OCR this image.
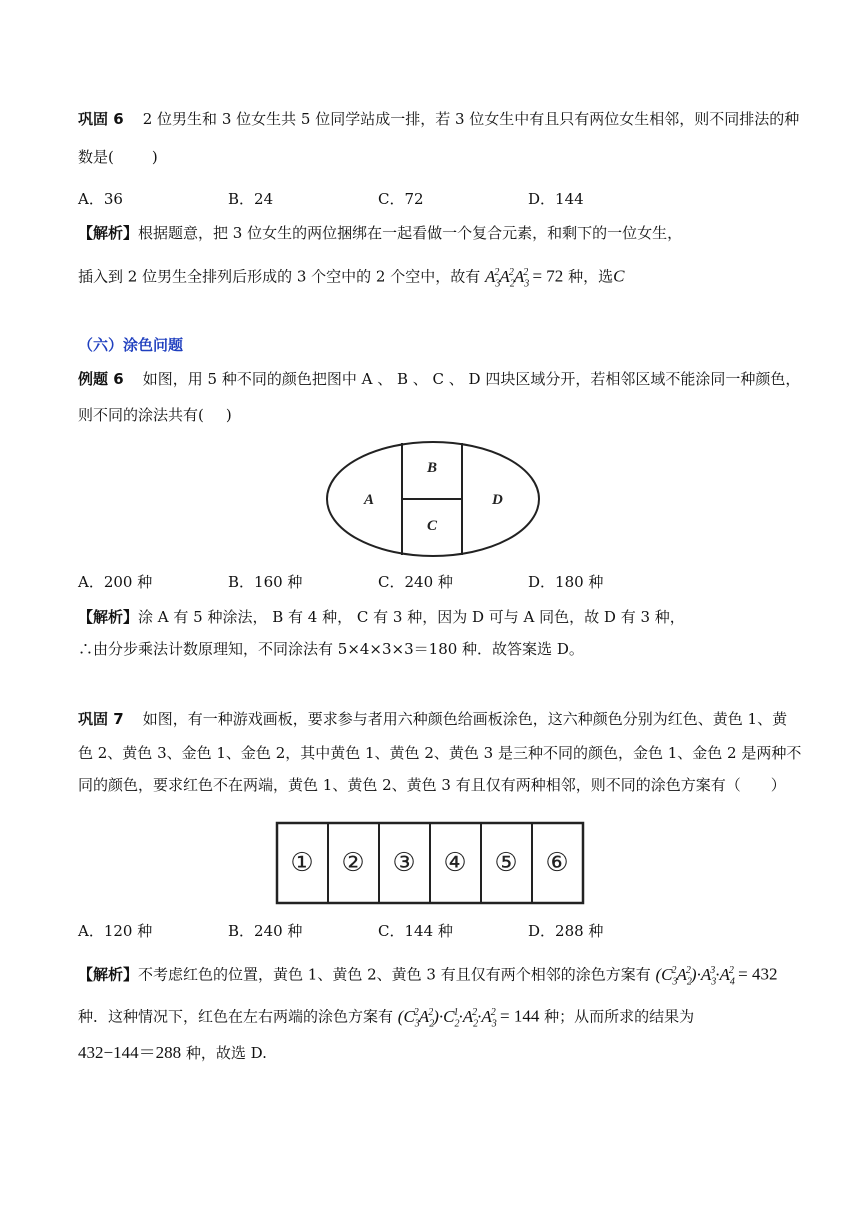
巩固 6 2 位男生和 3 位女生共 5 位同学站成一排，若 3 位女生中有且只有两位女生相邻，则不同排法的种
数是(	)
A．36	B．24	C．72	D．144
【解析】根据题意，把 3 位女生的两位捆绑在一起看做一个复合元素，和剩下的一位女生，
插入到 2 位男生全排列后形成的 3 个空中的 2 个空中，故有 $A_3^2A_2^2A_3^2 = 72$ 种，选C
（六）涂色问题
例题 6 如图，用 5 种不同的颜色把图中 A 、 B 、 C 、 D 四块区域分开，若相邻区域不能涂同一种颜色，
则不同的涂法共有( )
A
B
C
D
A．200 种	B．160 种	C．240 种	D．180 种
【解析】涂 A 有 5 种涂法， B 有 4 种， C 有 3 种，因为 D 可与 A 同色，故 D 有 3 种，
∴由分步乘法计数原理知，不同涂法有 5×4×3×3＝180 种．故答案选 D。
巩固 7 如图，有一种游戏画板，要求参与者用六种颜色给画板涂色，这六种颜色分别为红色、黄色 1、黄
色 2、黄色 3、金色 1、金色 2，其中黄色 1、黄色 2、黄色 3 是三种不同的颜色，金色 1、金色 2 是两种不
同的颜色，要求红色不在两端，黄色 1、黄色 2、黄色 3 有且仅有两种相邻，则不同的涂色方案有（　　）
① ② ③ ④ ⑤ ⑥
A．120 种	B．240 种	C．144 种	D．288 种
【解析】不考虑红色的位置，黄色 1、黄色 2、黄色 3 有且仅有两个相邻的涂色方案有 $(C_3^2A_2^2)\cdot A_3^3\cdot A_4^2 = 432$
种．这种情况下，红色在左右两端的涂色方案有 $(C_3^2A_2^2)\cdot C_2^1\cdot A_2^2\cdot A_3^2 = 144$ 种；从而所求的结果为
432−144＝288 种，故选 D.
